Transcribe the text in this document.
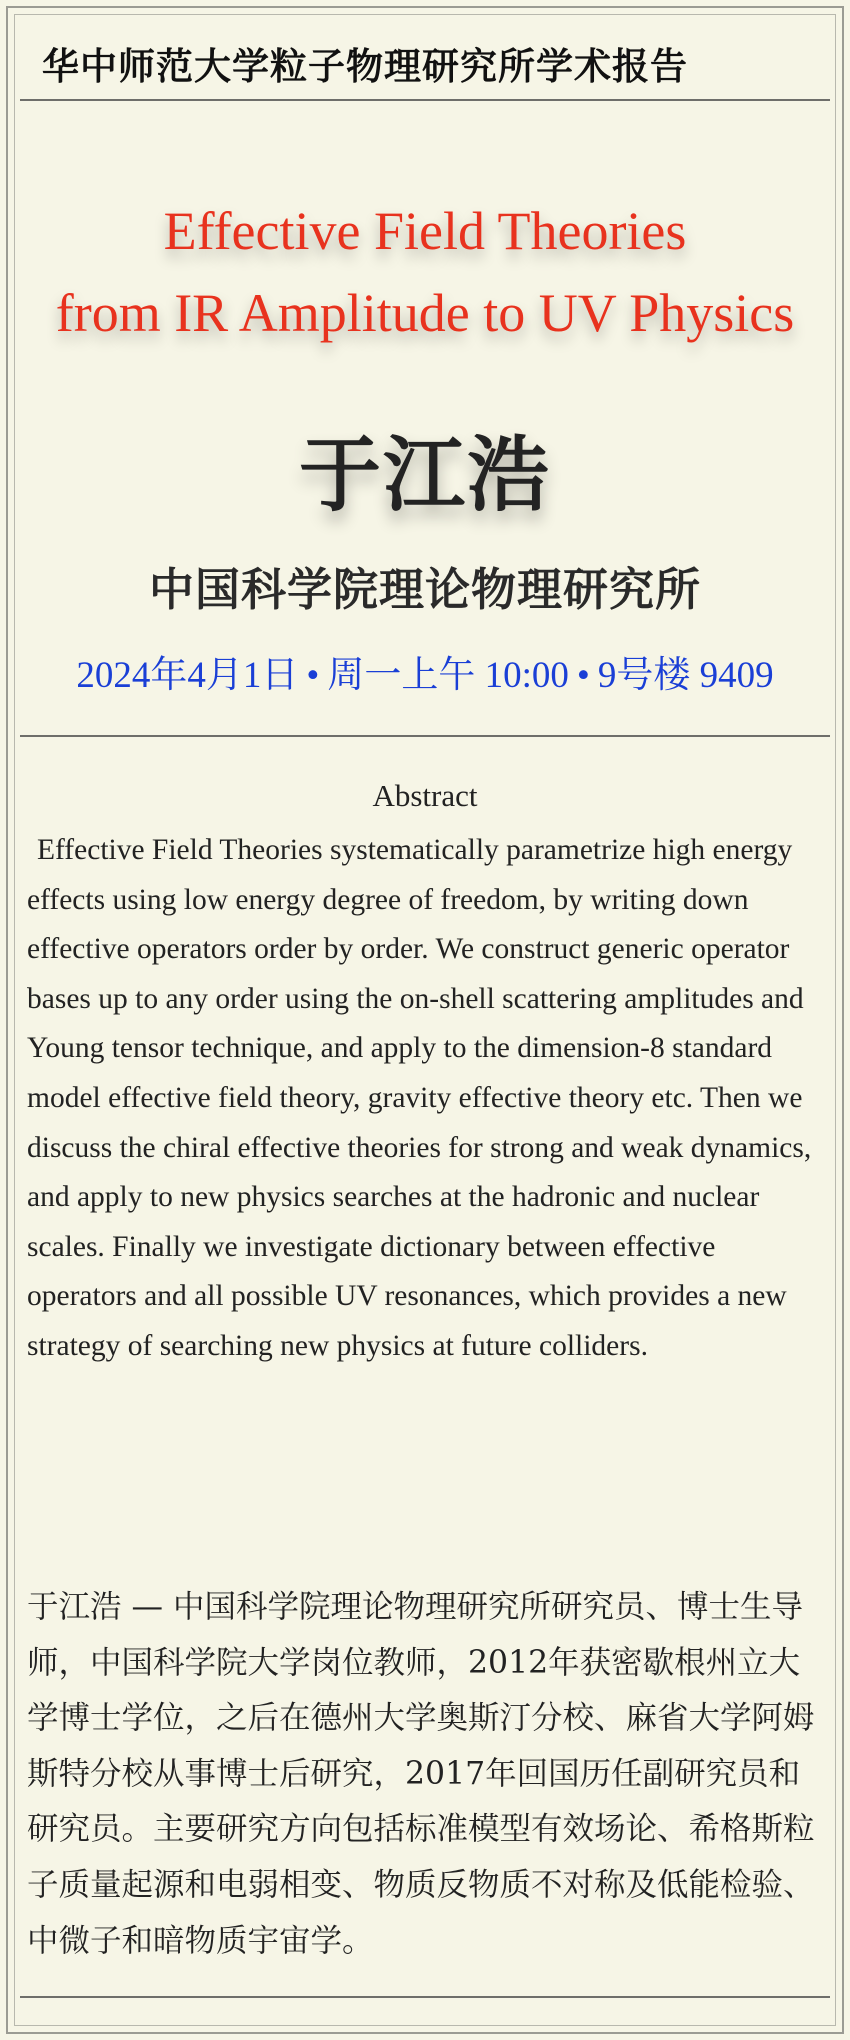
华中师范大学粒子物理研究所学术报告
Effective Field Theories
from IR Amplitude to UV Physics
于江浩
中国科学院理论物理研究所
2024年4月1日 • 周一上午 10:00 • 9号楼 9409
Abstract
Effective Field Theories systematically parametrize high energy effects using low energy degree of freedom, by writing down effective operators order by order. We construct generic operator bases up to any order using the on-shell scattering amplitudes and Young tensor technique, and apply to the dimension-8 standard model effective field theory, gravity effective theory etc. Then we discuss the chiral effective theories for strong and weak dynamics, and apply to new physics searches at the hadronic and nuclear scales. Finally we investigate dictionary between effective operators and all possible UV resonances, which provides a new strategy of searching new physics at future colliders.
于江浩 — 中国科学院理论物理研究所研究员、博士生导师，中国科学院大学岗位教师，2012年获密歇根州立大学博士学位，之后在德州大学奥斯汀分校、麻省大学阿姆斯特分校从事博士后研究，2017年回国历任副研究员和研究员。主要研究方向包括标准模型有效场论、希格斯粒子质量起源和电弱相变、物质反物质不对称及低能检验、中微子和暗物质宇宙学。
